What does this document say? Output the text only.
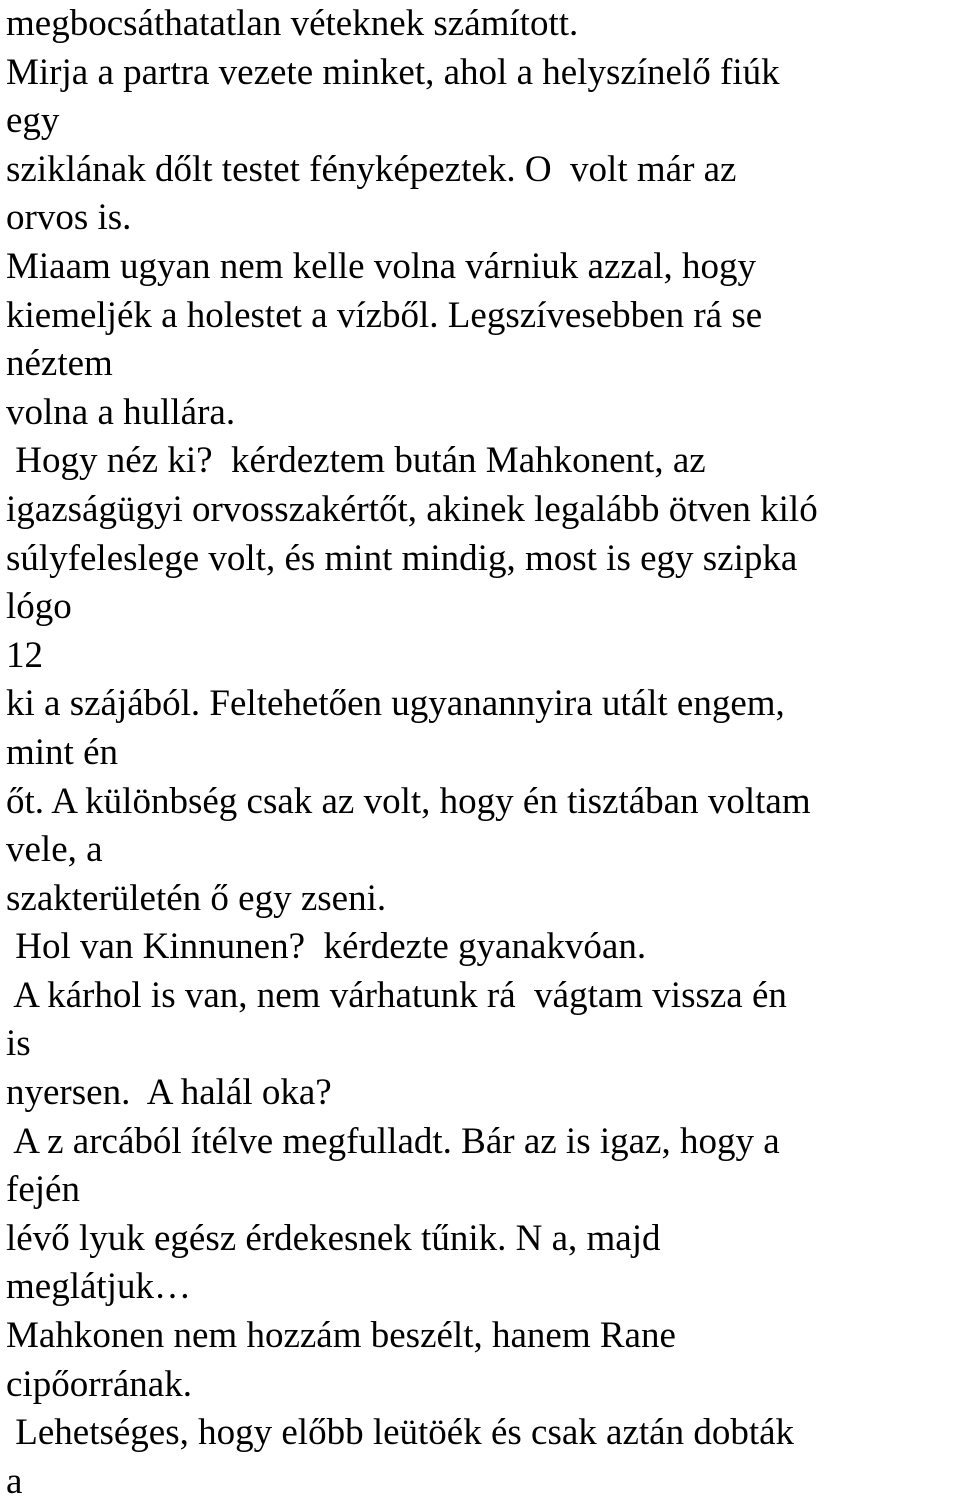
megbocsáthatatlan véteknek számított.

Mirja a partra vezete minket, ahol a helyszínelő fiúk

egy

sziklának dőlt testet fényképeztek. O  volt már az

orvos is.

Miaam ugyan nem kelle volna várniuk azzal, hogy

kiemeljék a holestet a vízből. Legszívesebben rá se

néztem

volna a hullára.

Hogy néz ki?  kérdeztem bután Mahkonent, az

igazságügyi orvosszakértőt, akinek legalább ötven kiló

súlyfeleslege volt, és mint mindig, most is egy szipka

lógo

12

ki a szájából. Feltehetően ugyanannyira utált engem,

mint én

őt. A különbség csak az volt, hogy én tisztában voltam

vele, a

szakterületén ő egy zseni.

Hol van Kinnunen?  kérdezte gyanakvóan.

A kárhol is van, nem várhatunk rá  vágtam vissza én

is

nyersen.  A halál oka?

A z arcából ítélve megfulladt. Bár az is igaz, hogy a

fején

lévő lyuk egész érdekesnek tűnik. N a, majd

meglátjuk…

Mahkonen nem hozzám beszélt, hanem Rane

cipőorrának.

Lehetséges, hogy előbb leütöék és csak aztán dobták

a
